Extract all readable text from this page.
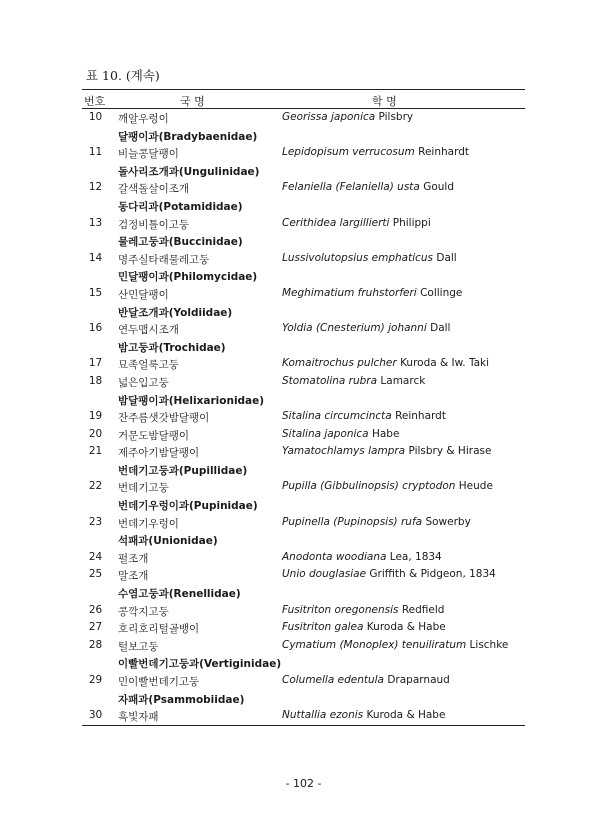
표 10. (계속)
번호	국 명	학 명
10	깨알우렁이	Georissa japonica Pilsbry
달팽이과(Bradybaenidae)
11	비늘콩달팽이	Lepidopisum verrucosum Reinhardt
돌사리조개과(Ungulinidae)
12	갈색돌살이조개	Felaniella (Felaniella) usta Gould
동다리과(Potamididae)
13	검정비틀이고둥	Cerithidea largillierti Philippi
물레고둥과(Buccinidae)
14	명주실타래물레고둥	Lussivolutopsius emphaticus Dall
민달팽이과(Philomycidae)
15	산민달팽이	Meghimatium fruhstorferi Collinge
반달조개과(Yoldiidae)
16	연두맵시조개	Yoldia (Cnesterium) johanni Dall
밤고둥과(Trochidae)
17	묘족얼룩고둥	Komaitrochus pulcher Kuroda & Iw. Taki
18	넓은입고둥	Stomatolina rubra Lamarck
밤달팽이과(Helixarionidae)
19	잔주름샛갓밤달팽이	Sitalina circumcincta Reinhardt
20	거문도밤달팽이	Sitalina japonica Habe
21	제주아기밤달팽이	Yamatochlamys lampra Pilsbry & Hirase
번데기고둥과(Pupillidae)
22	번데기고둥	Pupilla (Gibbulinopsis) cryptodon Heude
번데기우렁이과(Pupinidae)
23	번데기우렁이	Pupinella (Pupinopsis) rufa Sowerby
석패과(Unionidae)
24	펄조개	Anodonta woodiana Lea, 1834
25	말조개	Unio douglasiae Griffith & Pidgeon, 1834
수염고둥과(Renellidae)
26	콩깍지고둥	Fusitriton oregonensis Redfield
27	호리호리털골뱅이	Fusitriton galea Kuroda & Habe
28	털보고둥	Cymatium (Monoplex) tenuiliratum Lischke
이빨번데기고둥과(Vertiginidae)
29	민이빨번데기고둥	Columella edentula Draparnaud
자패과(Psammobiidae)
30	흑빛자패	Nuttallia ezonis Kuroda & Habe
- 102 -
